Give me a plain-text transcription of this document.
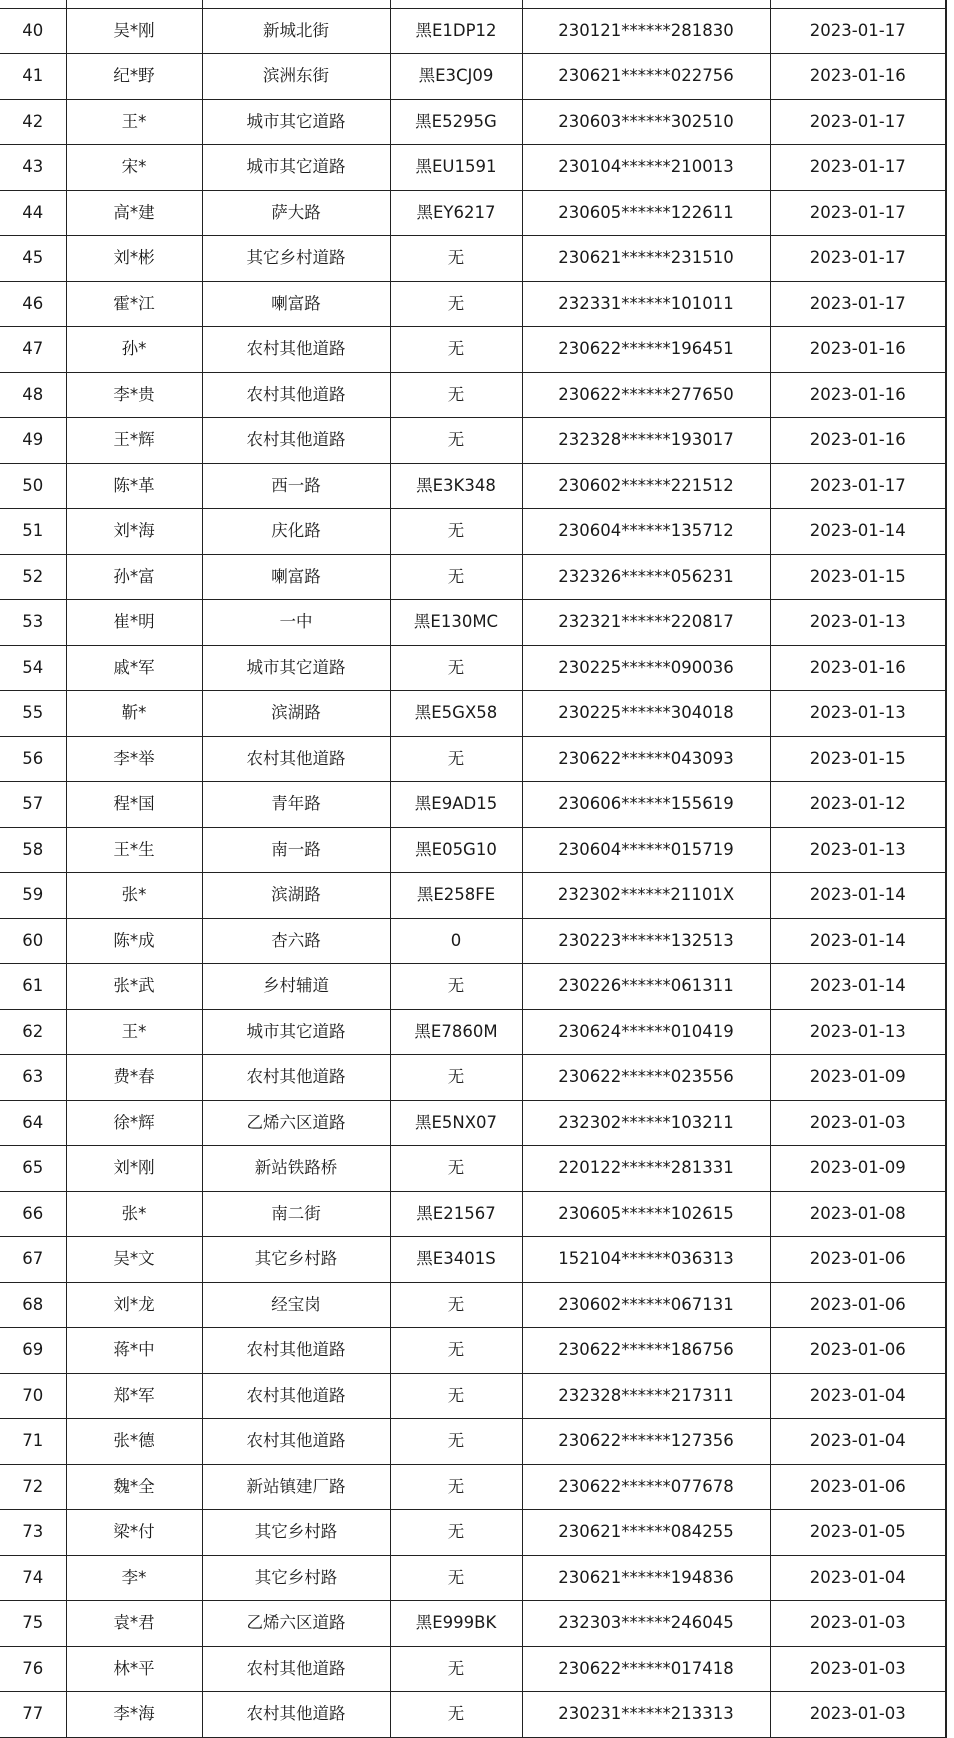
40	吴*刚	新城北街	黑E1DP12	230121******281830	2023-01-17
41	纪*野	滨洲东街	黑E3CJ09	230621******022756	2023-01-16
42	王*	城市其它道路	黑E5295G	230603******302510	2023-01-17
43	宋*	城市其它道路	黑EU1591	230104******210013	2023-01-17
44	高*建	萨大路	黑EY6217	230605******122611	2023-01-17
45	刘*彬	其它乡村道路	无	230621******231510	2023-01-17
46	霍*江	喇富路	无	232331******101011	2023-01-17
47	孙*	农村其他道路	无	230622******196451	2023-01-16
48	李*贵	农村其他道路	无	230622******277650	2023-01-16
49	王*辉	农村其他道路	无	232328******193017	2023-01-16
50	陈*革	西一路	黑E3K348	230602******221512	2023-01-17
51	刘*海	庆化路	无	230604******135712	2023-01-14
52	孙*富	喇富路	无	232326******056231	2023-01-15
53	崔*明	一中	黑E130MC	232321******220817	2023-01-13
54	戚*军	城市其它道路	无	230225******090036	2023-01-16
55	靳*	滨湖路	黑E5GX58	230225******304018	2023-01-13
56	李*举	农村其他道路	无	230622******043093	2023-01-15
57	程*国	青年路	黑E9AD15	230606******155619	2023-01-12
58	王*生	南一路	黑E05G10	230604******015719	2023-01-13
59	张*	滨湖路	黑E258FE	232302******21101X	2023-01-14
60	陈*成	杏六路	0	230223******132513	2023-01-14
61	张*武	乡村辅道	无	230226******061311	2023-01-14
62	王*	城市其它道路	黑E7860M	230624******010419	2023-01-13
63	费*春	农村其他道路	无	230622******023556	2023-01-09
64	徐*辉	乙烯六区道路	黑E5NX07	232302******103211	2023-01-03
65	刘*刚	新站铁路桥	无	220122******281331	2023-01-09
66	张*	南二街	黑E21567	230605******102615	2023-01-08
67	吴*文	其它乡村路	黑E3401S	152104******036313	2023-01-06
68	刘*龙	经宝岗	无	230602******067131	2023-01-06
69	蒋*中	农村其他道路	无	230622******186756	2023-01-06
70	郑*军	农村其他道路	无	232328******217311	2023-01-04
71	张*德	农村其他道路	无	230622******127356	2023-01-04
72	魏*全	新站镇建厂路	无	230622******077678	2023-01-06
73	梁*付	其它乡村路	无	230621******084255	2023-01-05
74	李*	其它乡村路	无	230621******194836	2023-01-04
75	袁*君	乙烯六区道路	黑E999BK	232303******246045	2023-01-03
76	林*平	农村其他道路	无	230622******017418	2023-01-03
77	李*海	农村其他道路	无	230231******213313	2023-01-03
